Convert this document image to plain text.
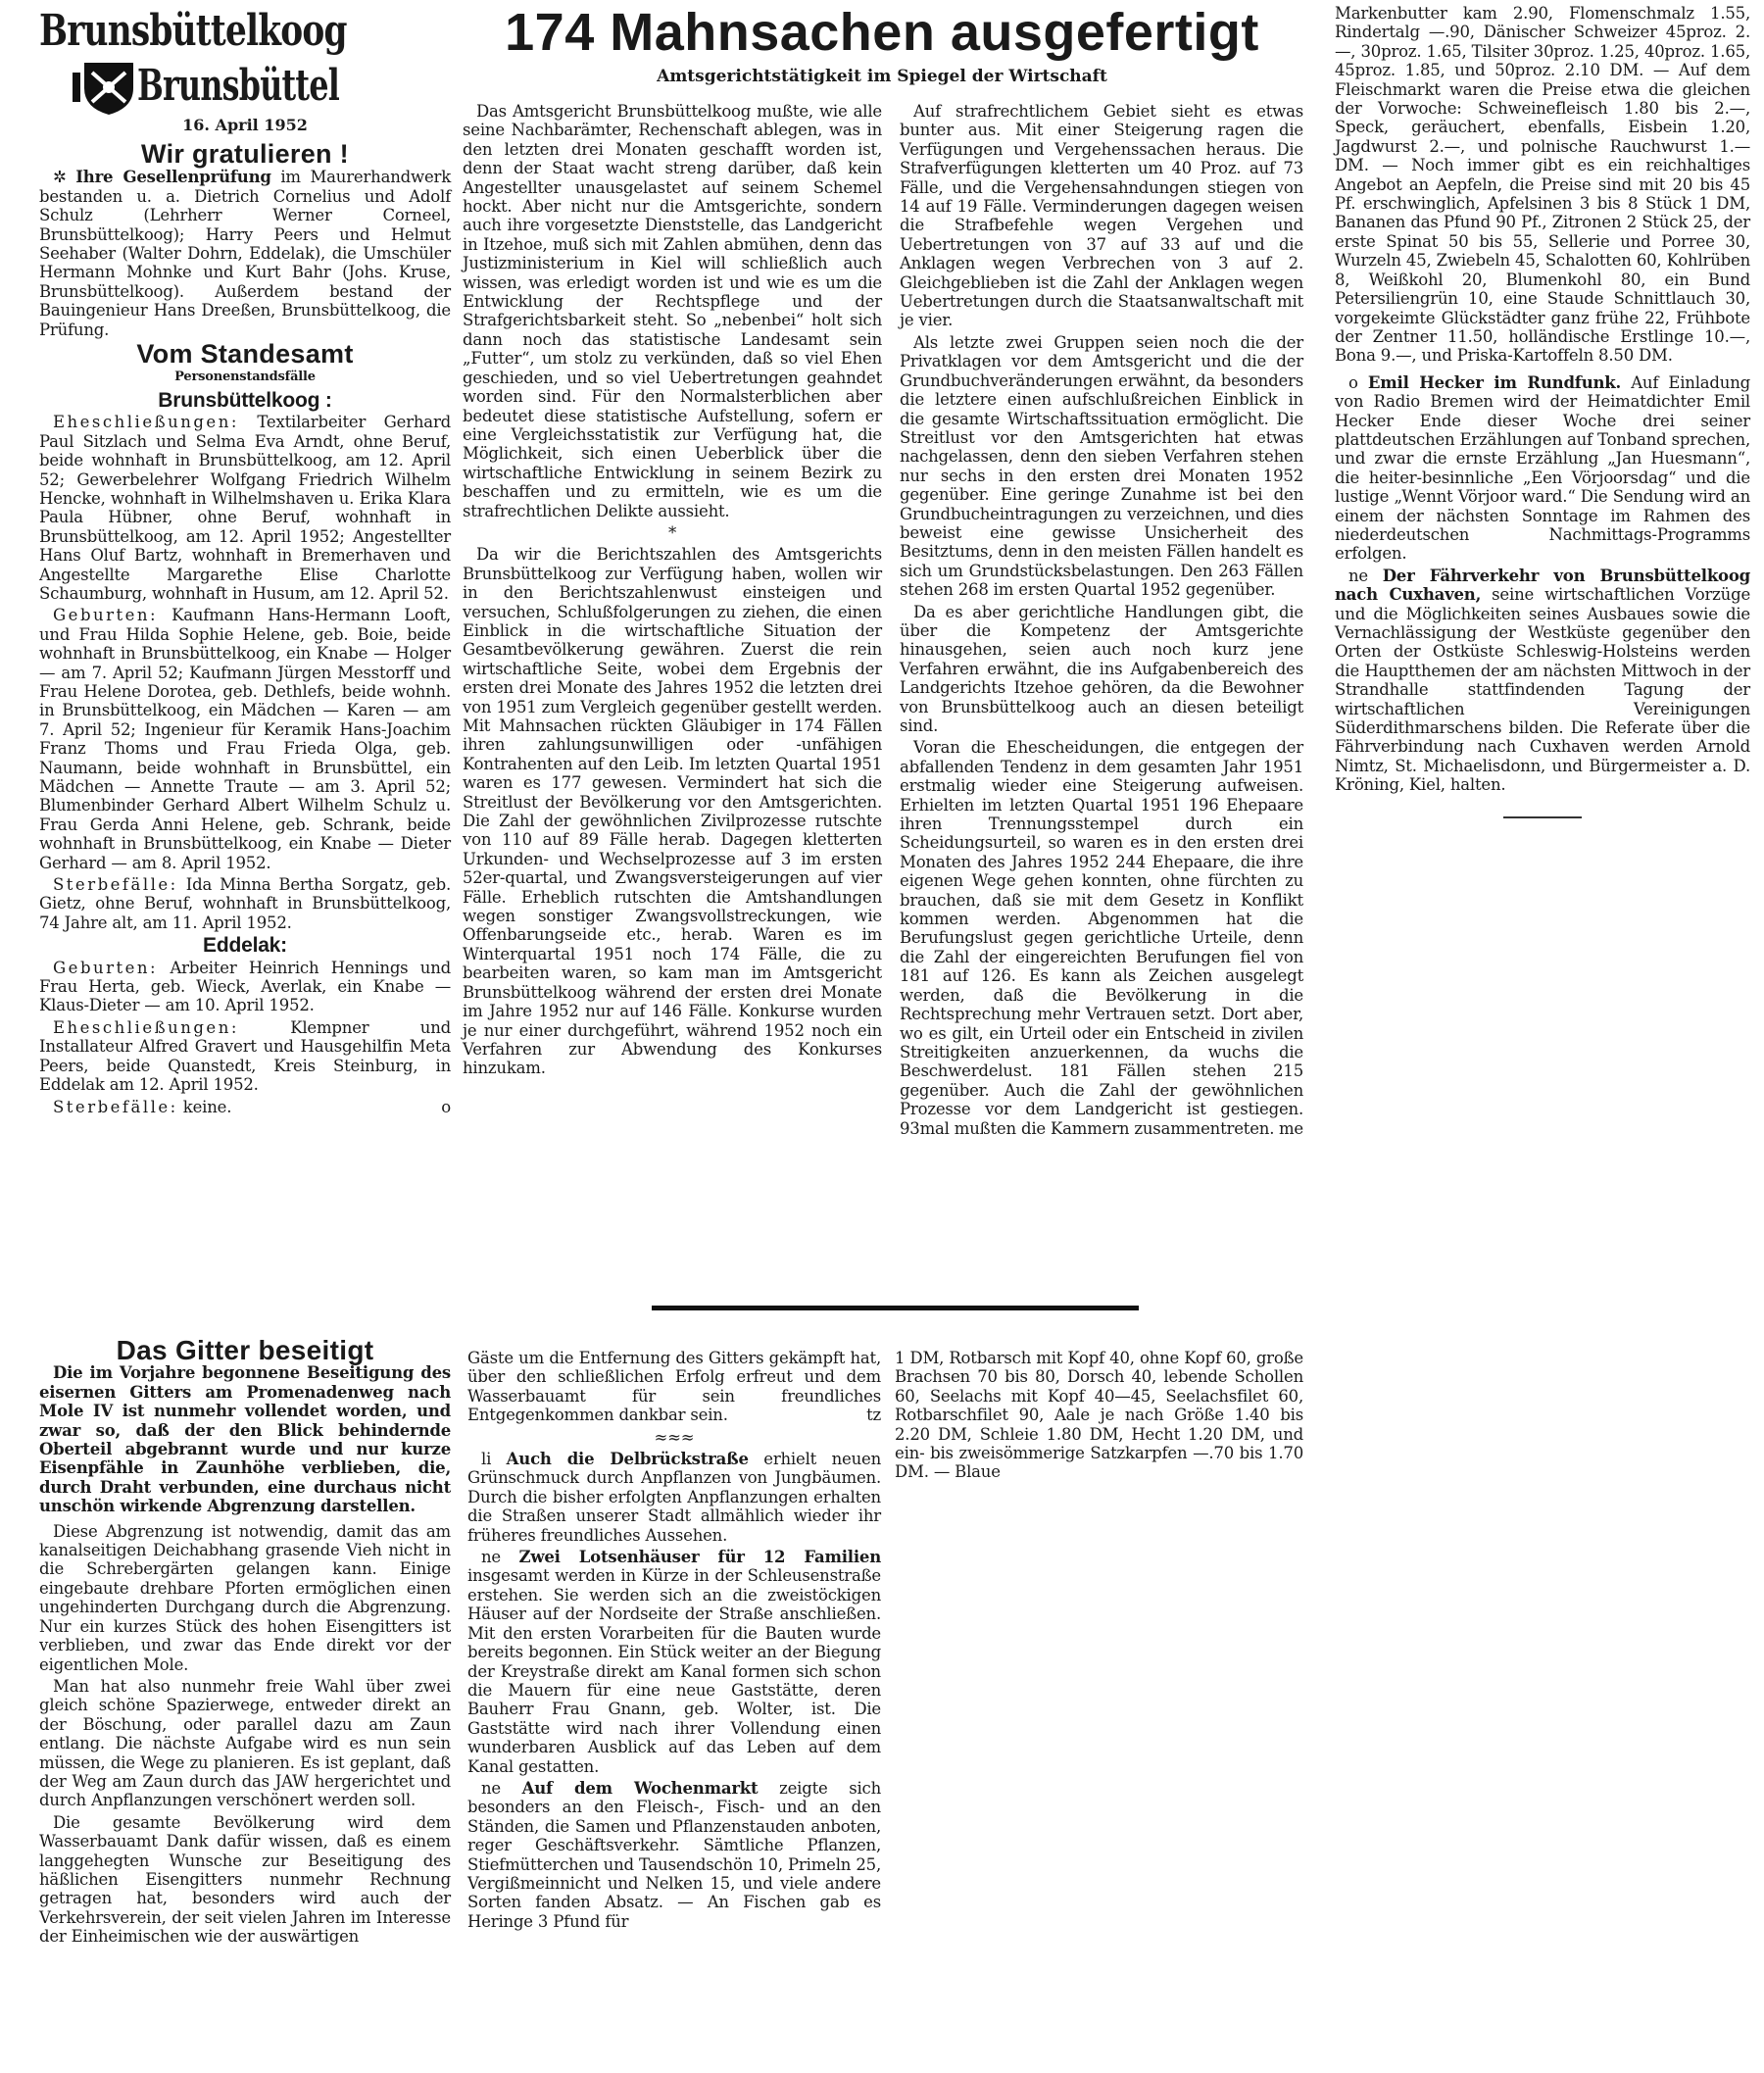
Brunsbüttelkoog
Brunsbüttel
16. April 1952
Wir gratulieren !

✲ Ihre Gesellenprüfung im Maurerhandwerk bestanden u. a. Dietrich Cornelius und Adolf Schulz (Lehrherr Werner Corneel, Brunsbüttelkoog); Harry Peers und Helmut Seehaber (Walter Dohrn, Eddelak), die Umschüler Hermann Mohnke und Kurt Bahr (Johs. Kruse, Brunsbüttelkoog). Außerdem bestand der Bauingenieur Hans Dreeßen, Brunsbüttelkoog, die Prüfung.

Vom Standesamt
Personenstandsfälle
Brunsbüttelkoog :

Eheschließungen: Textilarbeiter Gerhard Paul Sitzlach und Selma Eva Arndt, ohne Beruf, beide wohnhaft in Brunsbüttelkoog, am 12. April 52; Gewerbelehrer Wolfgang Friedrich Wilhelm Hencke, wohnhaft in Wilhelmshaven u. Erika Klara Paula Hübner, ohne Beruf, wohnhaft in Brunsbüttelkoog, am 12. April 1952; Angestellter Hans Oluf Bartz, wohnhaft in Bremerhaven und Angestellte Margarethe Elise Charlotte Schaumburg, wohnhaft in Husum, am 12. April 52.

Geburten: Kaufmann Hans-Hermann Looft, und Frau Hilda Sophie Helene, geb. Boie, beide wohnhaft in Brunsbüttelkoog, ein Knabe — Holger — am 7. April 52; Kaufmann Jürgen Messtorff und Frau Helene Dorotea, geb. Dethlefs, beide wohnh. in Brunsbüttelkoog, ein Mädchen — Karen — am 7. April 52; Ingenieur für Keramik Hans-Joachim Franz Thoms und Frau Frieda Olga, geb. Naumann, beide wohnhaft in Brunsbüttel, ein Mädchen — Annette Traute — am 3. April 52; Blumenbinder Gerhard Albert Wilhelm Schulz u. Frau Gerda Anni Helene, geb. Schrank, beide wohnhaft in Brunsbüttelkoog, ein Knabe — Dieter Gerhard — am 8. April 1952.

Sterbefälle: Ida Minna Bertha Sorgatz, geb. Gietz, ohne Beruf, wohnhaft in Brunsbüttelkoog, 74 Jahre alt, am 11. April 1952.

Eddelak:

Geburten: Arbeiter Heinrich Hennings und Frau Herta, geb. Wieck, Averlak, ein Knabe — Klaus-Dieter — am 10. April 1952.

Eheschließungen: Klempner und Installateur Alfred Gravert und Hausgehilfin Meta Peers, beide Quanstedt, Kreis Steinburg, in Eddelak am 12. April 1952.

Sterbefälle: keine.	o

174 Mahnsachen ausgefertigt
Amtsgerichtstätigkeit im Spiegel der Wirtschaft

Das Amtsgericht Brunsbüttelkoog mußte, wie alle seine Nachbarämter, Rechenschaft ablegen, was in den letzten drei Monaten geschafft worden ist, denn der Staat wacht streng darüber, daß kein Angestellter unausgelastet auf seinem Schemel hockt. Aber nicht nur die Amtsgerichte, sondern auch ihre vorgesetzte Dienststelle, das Landgericht in Itzehoe, muß sich mit Zahlen abmühen, denn das Justizministerium in Kiel will schließlich auch wissen, was erledigt worden ist und wie es um die Entwicklung der Rechtspflege und der Strafgerichtsbarkeit steht. So „nebenbei“ holt sich dann noch das statistische Landesamt sein „Futter“, um stolz zu verkünden, daß so viel Ehen geschieden, und so viel Uebertretungen geahndet worden sind. Für den Normalsterblichen aber bedeutet diese statistische Aufstellung, sofern er eine Vergleichsstatistik zur Verfügung hat, die Möglichkeit, sich einen Ueberblick über die wirtschaftliche Entwicklung in seinem Bezirk zu beschaffen und zu ermitteln, wie es um die strafrechtlichen Delikte aussieht.

*

Da wir die Berichtszahlen des Amtsgerichts Brunsbüttelkoog zur Verfügung haben, wollen wir in den Berichtszahlenwust einsteigen und versuchen, Schlußfolgerungen zu ziehen, die einen Einblick in die wirtschaftliche Situation der Gesamtbevölkerung gewähren. Zuerst die rein wirtschaftliche Seite, wobei dem Ergebnis der ersten drei Monate des Jahres 1952 die letzten drei von 1951 zum Vergleich gegenüber gestellt werden. Mit Mahnsachen rückten Gläubiger in 174 Fällen ihren zahlungsunwilligen oder -unfähigen Kontrahenten auf den Leib. Im letzten Quartal 1951 waren es 177 gewesen. Vermindert hat sich die Streitlust der Bevölkerung vor den Amtsgerichten. Die Zahl der gewöhnlichen Zivilprozesse rutschte von 110 auf 89 Fälle herab. Dagegen kletterten Urkunden- und Wechselprozesse auf 3 im ersten 52er-quartal, und Zwangsversteigerungen auf vier Fälle. Erheblich rutschten die Amtshandlungen wegen sonstiger Zwangsvollstreckungen, wie Offenbarungseide etc., herab. Waren es im Winterquartal 1951 noch 174 Fälle, die zu bearbeiten waren, so kam man im Amtsgericht Brunsbüttelkoog während der ersten drei Monate im Jahre 1952 nur auf 146 Fälle. Konkurse wurden je nur einer durchgeführt, während 1952 noch ein Verfahren zur Abwendung des Konkurses hinzukam.

Auf strafrechtlichem Gebiet sieht es etwas bunter aus. Mit einer Steigerung ragen die Verfügungen und Vergehenssachen heraus. Die Strafverfügungen kletterten um 40 Proz. auf 73 Fälle, und die Vergehensahndungen stiegen von 14 auf 19 Fälle. Verminderungen dagegen weisen die Strafbefehle wegen Vergehen und Uebertretungen von 37 auf 33 auf und die Anklagen wegen Verbrechen von 3 auf 2. Gleichgeblieben ist die Zahl der Anklagen wegen Uebertretungen durch die Staatsanwaltschaft mit je vier.

Als letzte zwei Gruppen seien noch die der Privatklagen vor dem Amtsgericht und die der Grundbuchveränderungen erwähnt, da besonders die letztere einen aufschlußreichen Einblick in die gesamte Wirtschaftssituation ermöglicht. Die Streitlust vor den Amtsgerichten hat etwas nachgelassen, denn den sieben Verfahren stehen nur sechs in den ersten drei Monaten 1952 gegenüber. Eine geringe Zunahme ist bei den Grundbucheintragungen zu verzeichnen, und dies beweist eine gewisse Unsicherheit des Besitztums, denn in den meisten Fällen handelt es sich um Grundstücksbelastungen. Den 263 Fällen stehen 268 im ersten Quartal 1952 gegenüber.

Da es aber gerichtliche Handlungen gibt, die über die Kompetenz der Amtsgerichte hinausgehen, seien auch noch kurz jene Verfahren erwähnt, die ins Aufgabenbereich des Landgerichts Itzehoe gehören, da die Bewohner von Brunsbüttelkoog auch an diesen beteiligt sind.

Voran die Ehescheidungen, die entgegen der abfallenden Tendenz in dem gesamten Jahr 1951 erstmalig wieder eine Steigerung aufweisen. Erhielten im letzten Quartal 1951 196 Ehepaare ihren Trennungsstempel durch ein Scheidungsurteil, so waren es in den ersten drei Monaten des Jahres 1952 244 Ehepaare, die ihre eigenen Wege gehen konnten, ohne fürchten zu brauchen, daß sie mit dem Gesetz in Konflikt kommen werden. Abgenommen hat die Berufungslust gegen gerichtliche Urteile, denn die Zahl der eingereichten Berufungen fiel von 181 auf 126. Es kann als Zeichen ausgelegt werden, daß die Bevölkerung in die Rechtsprechung mehr Vertrauen setzt. Dort aber, wo es gilt, ein Urteil oder ein Entscheid in zivilen Streitigkeiten anzuerkennen, da wuchs die Beschwerdelust. 181 Fällen stehen 215 gegenüber. Auch die Zahl der gewöhnlichen Prozesse vor dem Landgericht ist gestiegen. 93mal mußten die Kammern zusammentreten. me

Markenbutter kam 2.90, Flomenschmalz 1.55, Rindertalg —.90, Dänischer Schweizer 45proz. 2.—, 30proz. 1.65, Tilsiter 30proz. 1.25, 40proz. 1.65, 45proz. 1.85, und 50proz. 2.10 DM. — Auf dem Fleischmarkt waren die Preise etwa die gleichen der Vorwoche: Schweinefleisch 1.80 bis 2.—, Speck, geräuchert, ebenfalls, Eisbein 1.20, Jagdwurst 2.—, und polnische Rauchwurst 1.— DM. — Noch immer gibt es ein reichhaltiges Angebot an Aepfeln, die Preise sind mit 20 bis 45 Pf. erschwinglich, Apfelsinen 3 bis 8 Stück 1 DM, Bananen das Pfund 90 Pf., Zitronen 2 Stück 25, der erste Spinat 50 bis 55, Sellerie und Porree 30, Wurzeln 45, Zwiebeln 45, Schalotten 60, Kohlrüben 8, Weißkohl 20, Blumenkohl 80, ein Bund Petersiliengrün 10, eine Staude Schnittlauch 30, vorgekeimte Glückstädter ganz frühe 22, Frühbote der Zentner 11.50, holländische Erstlinge 10.—, Bona 9.—, und Priska-Kartoffeln 8.50 DM.

o Emil Hecker im Rundfunk. Auf Einladung von Radio Bremen wird der Heimatdichter Emil Hecker Ende dieser Woche drei seiner plattdeutschen Erzählungen auf Tonband sprechen, und zwar die ernste Erzählung „Jan Huesmann“, die heiter-besinnliche „Een Vörjoorsdag“ und die lustige „Wennt Vörjoor ward.“ Die Sendung wird an einem der nächsten Sonntage im Rahmen des niederdeutschen Nachmittags-Programms erfolgen.

ne Der Fährverkehr von Brunsbüttelkoog nach Cuxhaven, seine wirtschaftlichen Vorzüge und die Möglichkeiten seines Ausbaues sowie die Vernachlässigung der Westküste gegenüber den Orten der Ostküste Schleswig-Holsteins werden die Hauptthemen der am nächsten Mittwoch in der Strandhalle stattfindenden Tagung der wirtschaftlichen Vereinigungen Süderdithmarschens bilden. Die Referate über die Fährverbindung nach Cuxhaven werden Arnold Nimtz, St. Michaelisdonn, und Bürgermeister a. D. Kröning, Kiel, halten.

Das Gitter beseitigt

Die im Vorjahre begonnene Beseitigung des eisernen Gitters am Promenadenweg nach Mole IV ist nunmehr vollendet worden, und zwar so, daß der den Blick behindernde Oberteil abgebrannt wurde und nur kurze Eisenpfähle in Zaunhöhe verblieben, die, durch Draht verbunden, eine durchaus nicht unschön wirkende Abgrenzung darstellen.

Diese Abgrenzung ist notwendig, damit das am kanalseitigen Deichabhang grasende Vieh nicht in die Schrebergärten gelangen kann. Einige eingebaute drehbare Pforten ermöglichen einen ungehinderten Durchgang durch die Abgrenzung. Nur ein kurzes Stück des hohen Eisengitters ist verblieben, und zwar das Ende direkt vor der eigentlichen Mole.

Man hat also nunmehr freie Wahl über zwei gleich schöne Spazierwege, entweder direkt an der Böschung, oder parallel dazu am Zaun entlang. Die nächste Aufgabe wird es nun sein müssen, die Wege zu planieren. Es ist geplant, daß der Weg am Zaun durch das JAW hergerichtet und durch Anpflanzungen verschönert werden soll.

Die gesamte Bevölkerung wird dem Wasserbauamt Dank dafür wissen, daß es einem langgehegten Wunsche zur Beseitigung des häßlichen Eisengitters nunmehr Rechnung getragen hat, besonders wird auch der Verkehrsverein, der seit vielen Jahren im Interesse der Einheimischen wie der auswärtigen

Gäste um die Entfernung des Gitters gekämpft hat, über den schließlichen Erfolg erfreut und dem Wasserbauamt für sein freundliches Entgegenkommen dankbar sein.	tz

≈≈≈

li Auch die Delbrückstraße erhielt neuen Grünschmuck durch Anpflanzen von Jungbäumen. Durch die bisher erfolgten Anpflanzungen erhalten die Straßen unserer Stadt allmählich wieder ihr früheres freundliches Aussehen.

ne Zwei Lotsenhäuser für 12 Familien insgesamt werden in Kürze in der Schleusenstraße erstehen. Sie werden sich an die zweistöckigen Häuser auf der Nordseite der Straße anschließen. Mit den ersten Vorarbeiten für die Bauten wurde bereits begonnen. Ein Stück weiter an der Biegung der Kreystraße direkt am Kanal formen sich schon die Mauern für eine neue Gaststätte, deren Bauherr Frau Gnann, geb. Wolter, ist. Die Gaststätte wird nach ihrer Vollendung einen wunderbaren Ausblick auf das Leben auf dem Kanal gestatten.

ne Auf dem Wochenmarkt zeigte sich besonders an den Fleisch-, Fisch- und an den Ständen, die Samen und Pflanzenstauden anboten, reger Geschäftsverkehr. Sämtliche Pflanzen, Stiefmütterchen und Tausendschön 10, Primeln 25, Vergißmeinnicht und Nelken 15, und viele andere Sorten fanden Absatz. — An Fischen gab es Heringe 3 Pfund für

1 DM, Rotbarsch mit Kopf 40, ohne Kopf 60, große Brachsen 70 bis 80, Dorsch 40, lebende Schollen 60, Seelachs mit Kopf 40—45, Seelachsfilet 60, Rotbarschfilet 90, Aale je nach Größe 1.40 bis 2.20 DM, Schleie 1.80 DM, Hecht 1.20 DM, und ein- bis zweisömmerige Satzkarpfen —.70 bis 1.70 DM. — Blaue
